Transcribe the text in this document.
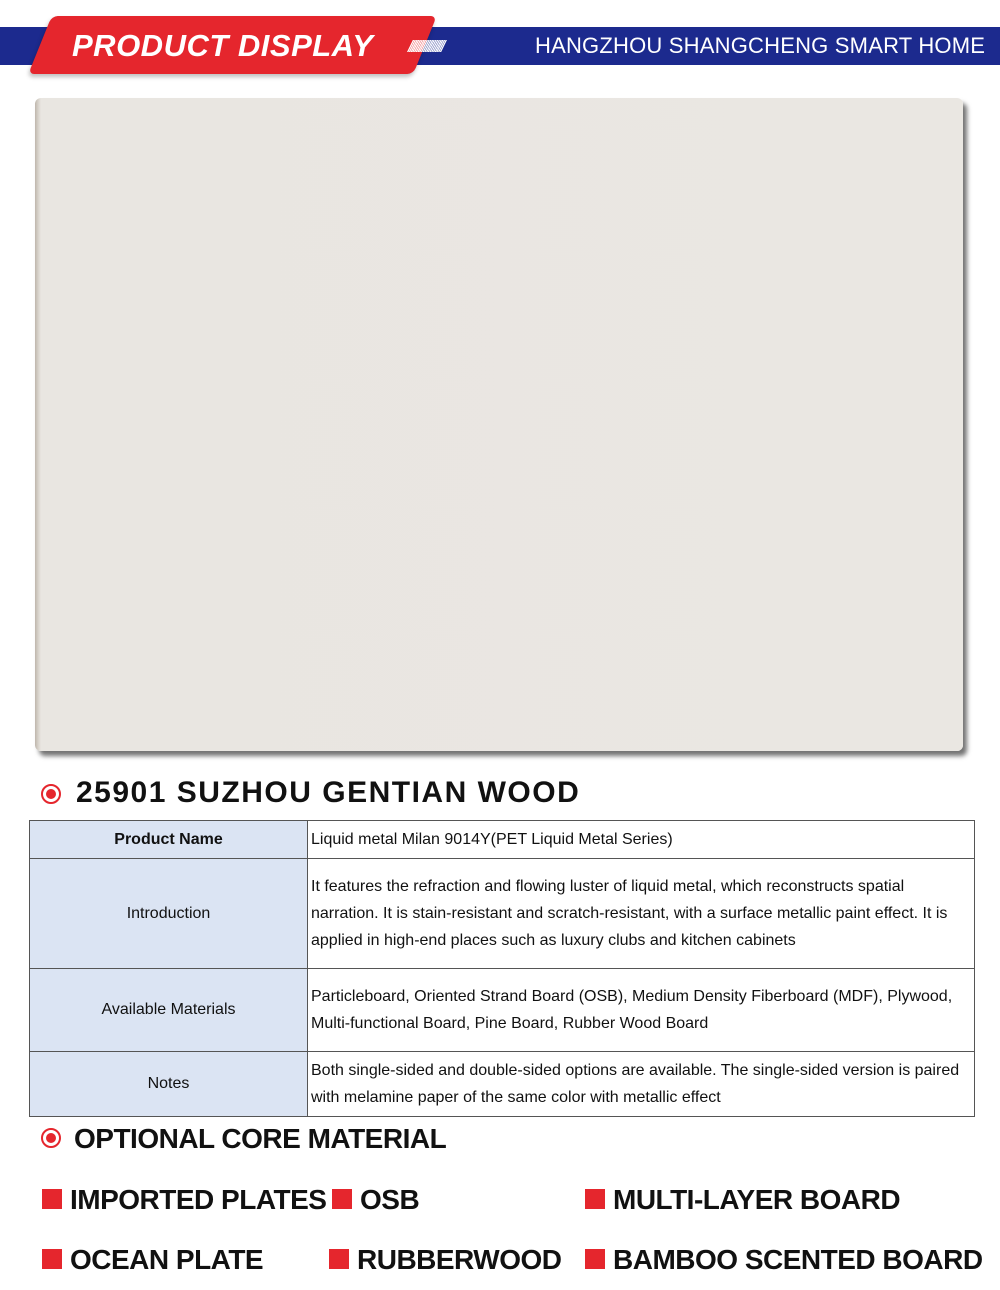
PRODUCT DISPLAY ////////////////////	HANGZHOU SHANGCHENG SMART HOME
25901 SUZHOU GENTIAN WOOD
Product Name	Liquid metal Milan 9014Y(PET Liquid Metal Series)
Introduction	It features the refraction and flowing luster of liquid metal, which reconstructs spatial narration. It is stain-resistant and scratch-resistant, with a surface metallic paint effect. It is applied in high-end places such as luxury clubs and kitchen cabinets
Available Materials	Particleboard, Oriented Strand Board (OSB), Medium Density Fiberboard (MDF), Plywood, Multi-functional Board, Pine Board, Rubber Wood Board
Notes	Both single-sided and double-sided options are available. The single-sided version is paired with melamine paper of the same color with metallic effect
OPTIONAL CORE MATERIAL
IMPORTED PLATES	OSB	MULTI-LAYER BOARD
OCEAN PLATE	RUBBERWOOD	BAMBOO SCENTED BOARD
